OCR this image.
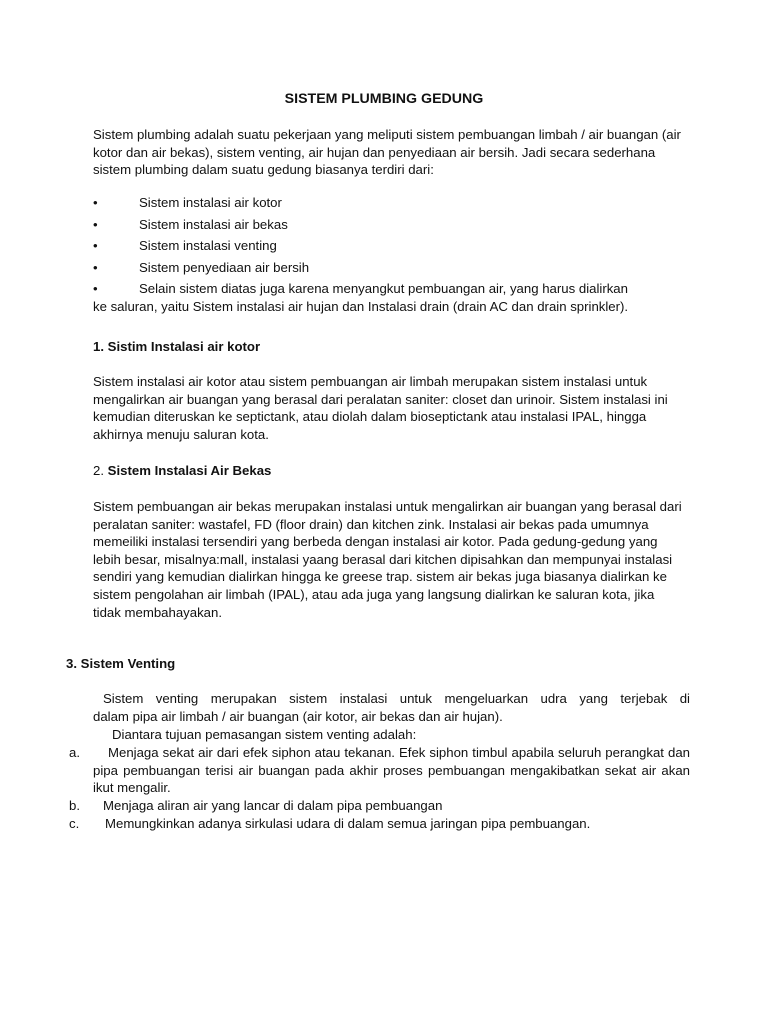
SISTEM PLUMBING GEDUNG

Sistem plumbing adalah suatu pekerjaan yang meliputi sistem pembuangan limbah / air buangan (air kotor dan air bekas), sistem venting, air hujan dan penyediaan air bersih. Jadi secara sederhana sistem plumbing dalam suatu gedung biasanya terdiri dari:

•	Sistem instalasi air kotor
•	Sistem instalasi air bekas
•	Sistem instalasi venting
•	Sistem penyediaan air bersih
•	Selain sistem diatas juga karena menyangkut pembuangan air, yang harus dialirkan

ke saluran, yaitu Sistem instalasi air hujan dan Instalasi drain (drain AC dan drain sprinkler).

1. Sistim Instalasi air kotor

Sistem instalasi air kotor atau sistem pembuangan air limbah merupakan sistem instalasi untuk mengalirkan air buangan yang berasal dari peralatan saniter: closet dan urinoir. Sistem instalasi ini kemudian diteruskan ke septictank, atau diolah dalam bioseptictank atau instalasi IPAL, hingga akhirnya menuju saluran kota.

2. Sistem Instalasi Air Bekas

Sistem pembuangan air bekas merupakan instalasi untuk mengalirkan air buangan yang berasal dari peralatan saniter: wastafel, FD (floor drain) dan kitchen zink. Instalasi air bekas pada umumnya memeiliki instalasi tersendiri yang berbeda dengan instalasi air kotor. Pada gedung-gedung yang lebih besar, misalnya:mall, instalasi yaang berasal dari kitchen dipisahkan dan mempunyai instalasi sendiri yang kemudian dialirkan hingga ke greese trap. sistem air bekas juga biasanya dialirkan ke sistem pengolahan air limbah (IPAL), atau ada juga yang langsung dialirkan ke saluran kota, jika tidak membahayakan.

3. Sistem Venting

Sistem venting merupakan sistem instalasi untuk mengeluarkan udra yang terjebak di

dalam pipa air limbah / air buangan (air kotor, air bekas dan air hujan).

Diantara tujuan pemasangan sistem venting adalah:

a.	Menjaga sekat air dari efek siphon atau tekanan. Efek siphon timbul apabila seluruh perangkat dan pipa pembuangan terisi air buangan pada akhir proses pembuangan mengakibatkan sekat air akan ikut mengalir.
b. Menjaga aliran air yang lancar di dalam pipa pembuangan
c. Memungkinkan adanya sirkulasi udara di dalam semua jaringan pipa pembuangan.
